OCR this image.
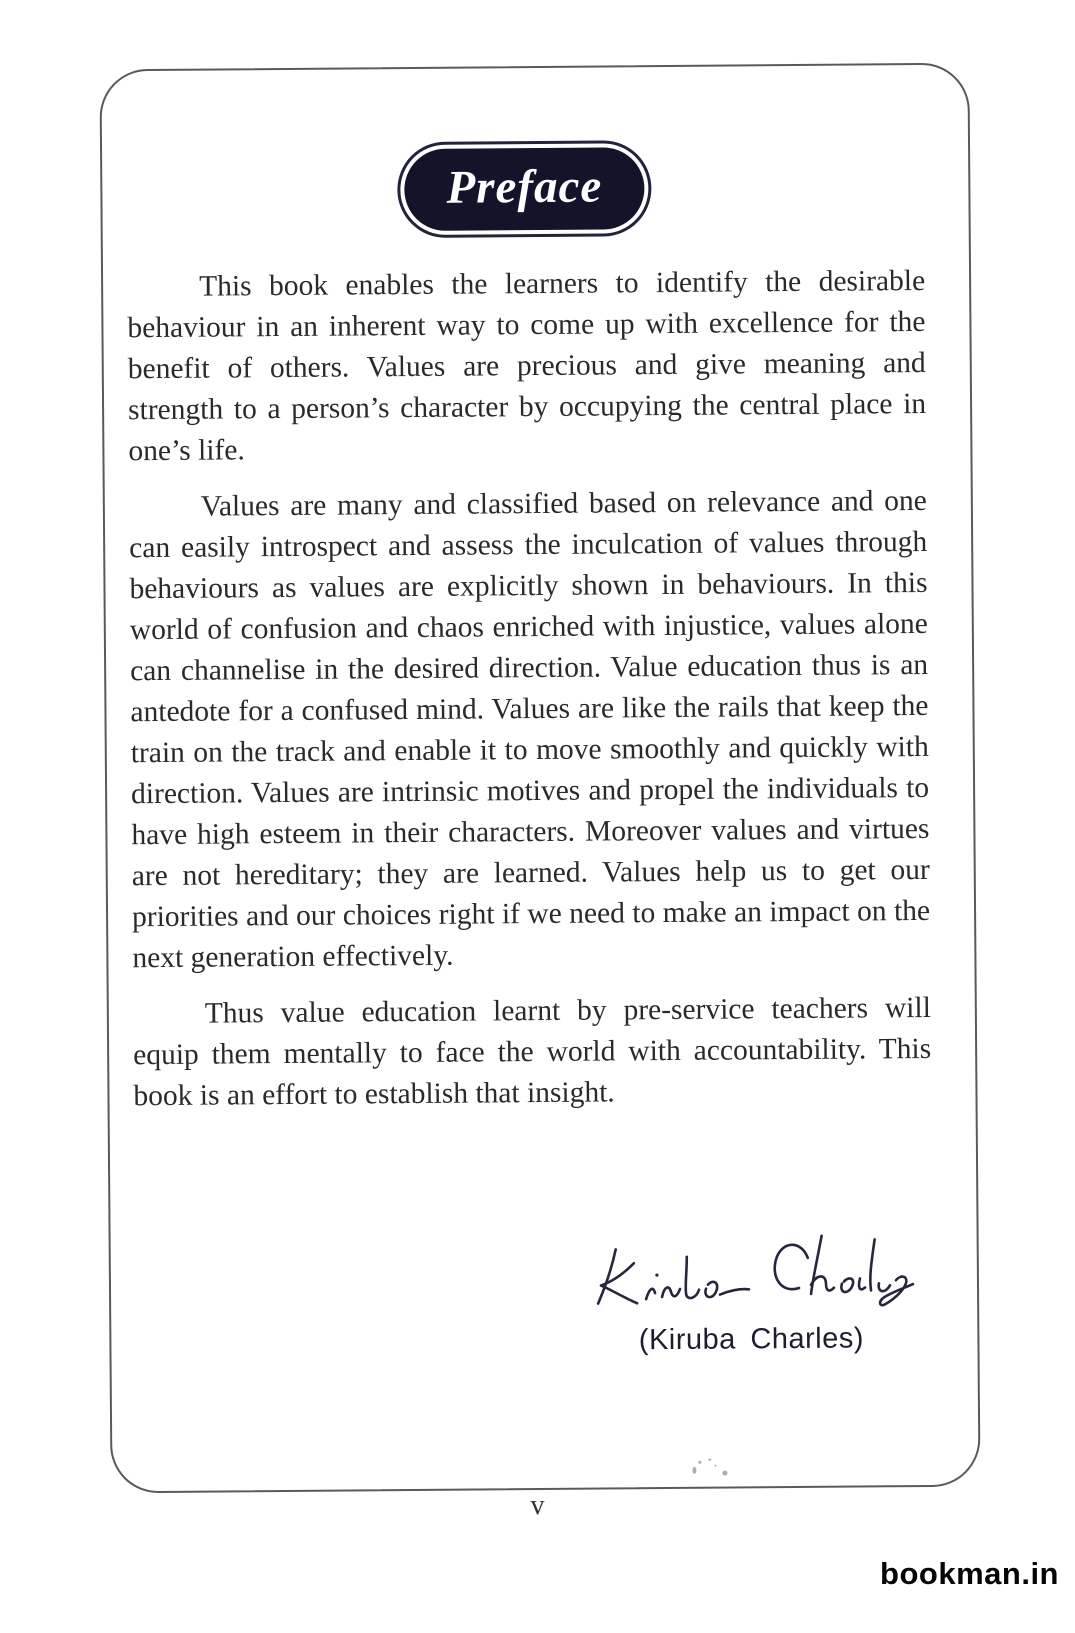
Preface

This book enables the learners to identify the desirable behaviour in an inherent way to come up with excellence for the benefit of others. Values are precious and give meaning and strength to a person’s character by occupying the central place in one’s life.

Values are many and classified based on relevance and one can easily introspect and assess the inculcation of values through behaviours as values are explicitly shown in behaviours. In this world of confusion and chaos enriched with injustice, values alone can channelise in the desired direction. Value education thus is an antedote for a confused mind. Values are like the rails that keep the train on the track and enable it to move smoothly and quickly with direction. Values are intrinsic motives and propel the individuals to have high esteem in their characters. Moreover values and virtues are not hereditary; they are learned. Values help us to get our priorities and our choices right if we need to make an impact on the next generation effectively.

Thus value education learnt by pre-service teachers will equip them mentally to face the world with accountability. This book is an effort to establish that insight.

(Kiruba Charles)
v
bookman.in
